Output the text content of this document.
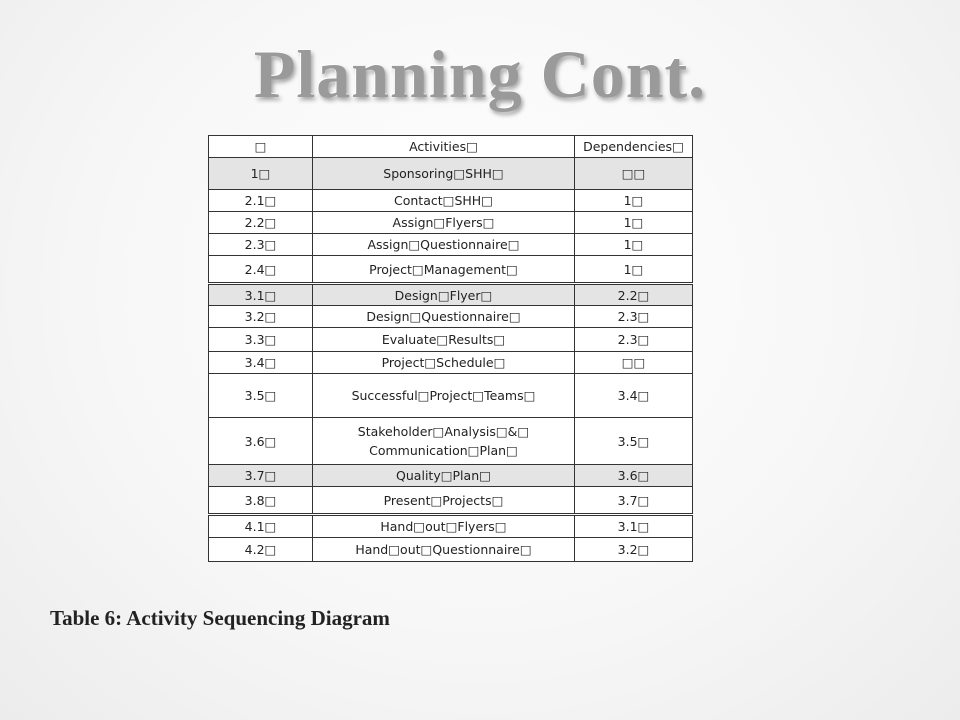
Planning Cont.
□	Activities□	Dependencies□
1□	Sponsoring□SHH□	□□
2.1□	Contact□SHH□	1□
2.2□	Assign□Flyers□	1□
2.3□	Assign□Questionnaire□	1□
2.4□	Project□Management□	1□
3.1□	Design□Flyer□	2.2□
3.2□	Design□Questionnaire□	2.3□
3.3□	Evaluate□Results□	2.3□
3.4□	Project□Schedule□	□□
3.5□	Successful□Project□Teams□	3.4□
3.6□	Stakeholder□Analysis□&□
Communication□Plan□	3.5□
3.7□	Quality□Plan□	3.6□
3.8□	Present□Projects□	3.7□
4.1□	Hand□out□Flyers□	3.1□
4.2□	Hand□out□Questionnaire□	3.2□

Table 6: Activity Sequencing Diagram
